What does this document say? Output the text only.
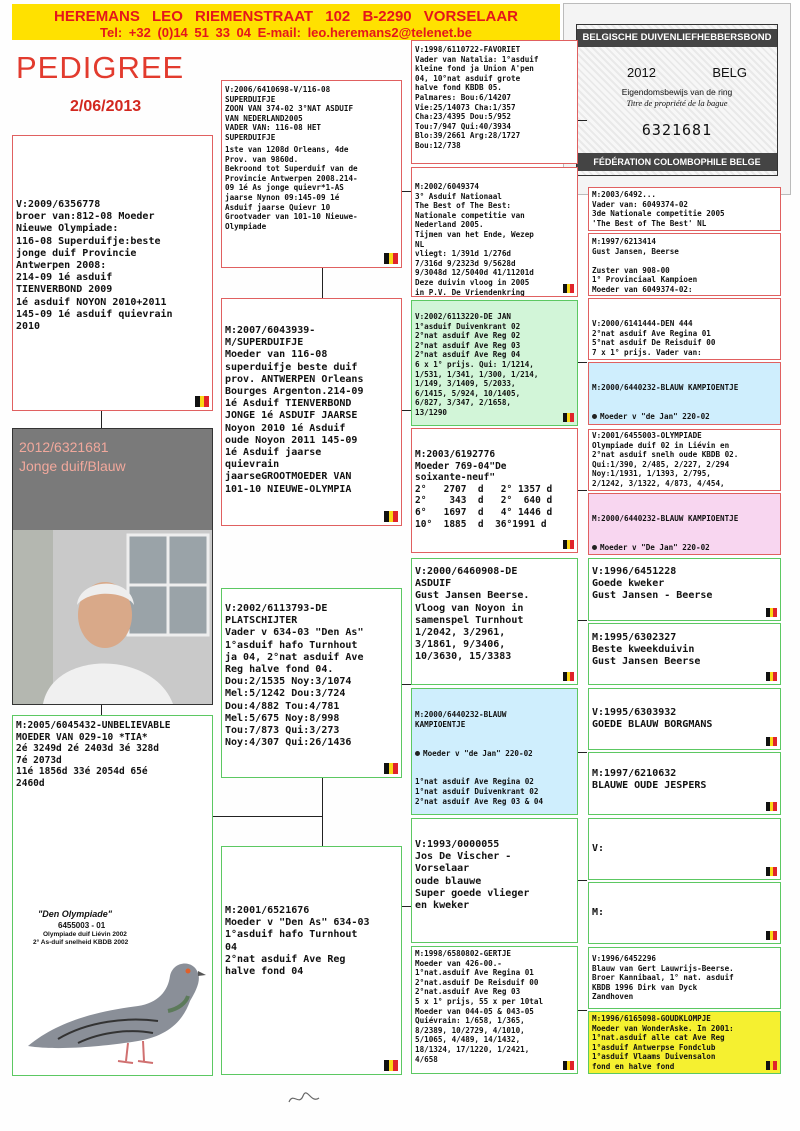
HEREMANS LEO RIEMENSTRAAT 102 B-2290 VORSELAAR
Tel: +32 (0)14 51 33 04 E-mail: leo.heremans2@telenet.be
PEDIGREE
2/06/2013
BELGISCHE DUIVENLIEFHEBBERSBOND
2012	BELG
Eigendomsbewijs van de ring
Titre de propriété de la bague
6321681
FÉDÉRATION COLOMBOPHILE BELGE
V:2009/6356778
broer van:812-08 Moeder
Nieuwe Olympiade:
116-08 Superduifje:beste
jonge duif Provincie
Antwerpen 2008:
214-09 1é asduif
TIENVERBOND 2009
1é asduif NOYON 2010+2011
145-09 1é asduif quievrain
2010
2012/6321681
Jonge duif/Blauw
M:2005/6045432-UNBELIEVABLE
MOEDER VAN 029-10 *TIA*
2é 3249d 2é 2403d 3é 328d
7é 2073d
11é 1856d 33é 2054d 65é
2460d
"Den Olympiade"
6455003 - 01
Olympiade duif Liévin 2002
2° As-duif snelheid KBDB 2002
V:2006/6410698-V/116-08
SUPERDUIFJE
ZOON VAN 374-02 3°NAT ASDUIF
VAN NEDERLAND2005
VADER VAN: 116-08 HET
SUPERDUIFJE
1ste van 1208d Orleans, 4de
Prov. van 9860d.
Bekroond tot Superduif van de
Provincie Antwerpen 2008.214-
09 1é As jonge quievr*1-AS
jaarse Nynon 09:145-09 1é
Asduif jaarse Quievr 10
Grootvader van 101-10 Nieuwe-
Olympiade
M:2007/6043939-
M/SUPERDUIFJE
Moeder van 116-08
superduifje beste duif
prov. ANTWERPEN Orleans
Bourges Argenton.214-09
1é Asduif TIENVERBOND
JONGE 1é ASDUIF JAARSE
Noyon 2010 1é Asduif
oude Noyon 2011 145-09
1é Asduif jaarse
quievrain
jaarseGROOTMOEDER VAN
101-10 NIEUWE-OLYMPIA
V:2002/6113793-DE
PLATSCHIJTER
Vader v 634-03 "Den As"
1°asduif hafo Turnhout
ja 04, 2°nat asduif Ave
Reg halve fond 04.
Dou:2/1535 Noy:3/1074
Mel:5/1242 Dou:3/724
Dou:4/882 Tou:4/781
Mel:5/675 Noy:8/998
Tou:7/873 Qui:3/273
Noy:4/307 Qui:26/1436
M:2001/6521676
Moeder v "Den As" 634-03
1°asduif hafo Turnhout
04
2°nat asduif Ave Reg
halve fond 04
V:1998/6110722-FAVORIET
Vader van Natalia: 1°asduif
kleine fond ja Union A'pen
04, 10°nat asduif grote
halve fond KBDB 05.
Palmares: Bou:6/14207
Vie:25/14073 Cha:1/357
Cha:23/4395 Dou:5/952
Tou:7/947 Qui:40/3934
Blo:39/2661 Arg:28/1727
Bou:12/738
M:2002/6049374
3° Asduif Nationaal
The Best of The Best:
Nationale competitie van
Nederland 2005.
Tijmen van het Ende, Wezep
NL
vliegt: 1/391d 1/276d
7/316d 9/2323d 9/5628d
9/3048d 12/5040d 41/11201d
Deze duivin vloog in 2005
in P.V. De Vriendenkring
V:2002/6113220-DE JAN
1°asduif Duivenkrant 02
2°nat asduif Ave Reg 02
2°nat asduif Ave Reg 03
2°nat asduif Ave Reg 04
6 x 1° prijs. Qui: 1/1214,
1/531, 1/341, 1/300, 1/214,
1/149, 3/1409, 5/2033,
6/1415, 5/924, 10/1405,
6/827, 3/347, 2/1658,
13/1290
M:2003/6192776
Moeder 769-04"De
soixante-neuf"
2°   2707  d   2° 1357 d
2°    343  d   2°  640 d
6°   1697  d   4° 1446 d
10°  1885  d  36°1991 d
V:2000/6460908-DE
ASDUIF
Gust Jansen Beerse.
Vloog van Noyon in
samenspel Turnhout
1/2042, 3/2961,
3/1861, 9/3406,
10/3630, 15/3383

M:2000/6440232-BLAUW
KAMPIOENTJE

Moeder v "de Jan" 220-02

1°nat asduif Ave Regina 02
1°nat asduif Duivenkrant 02
2°nat asduif Ave Reg 03 & 04

V:1993/0000055
Jos De Vischer -
Vorselaar
oude blauwe
Super goede vlieger
en kweker
M:1998/6580802-GERTJE
Moeder van 426-00.-
1°nat.asduif Ave Regina 01
2°nat.asduif De Reisduif 00
2°nat.asduif Ave Reg 03
5 x 1° prijs, 55 x per 10tal
Moeder van 044-05 & 043-05
Quiévrain: 1/658, 1/365,
8/2389, 10/2729, 4/1010,
5/1065, 4/489, 14/1432,
18/1324, 17/1220, 1/2421,
4/658
M:2003/6492...
Vader van: 6049374-02
3de Nationale competitie 2005
'The Best of The Best' NL
M:1997/6213414
Gust Jansen, Beerse

Zuster van 908-00
1° Provinciaal Kampioen
Moeder van 6049374-02:

V:2000/6141444-DEN 444
2°nat asduif Ave Regina 01
5°nat asduif De Reisduif 00
7 x 1° prijs. Vader van:

M:2000/6440232-BLAUW KAMPIOENTJE

Moeder v "de Jan" 220-02

V:2001/6455003-OLYMPIADE
Olympiade duif 02 in Liévin en
2°nat asduif snelh oude KBDB 02.
Qui:1/390, 2/485, 2/227, 2/294
Noy:1/1931, 1/1393, 2/795,
2/1242, 3/1322, 4/873, 4/454,

M:2000/6440232-BLAUW KAMPIOENTJE

Moeder v "De Jan" 220-02

V:1996/6451228
Goede kweker
Gust Jansen - Beerse
M:1995/6302327
Beste kweekduivin
Gust Jansen Beerse
V:1995/6303932
GOEDE BLAUW BORGMANS
M:1997/6210632
BLAUWE OUDE JESPERS
V:
M:
V:1996/6452296
Blauw van Gert Lauwrijs-Beerse.
Broer Kannibaal, 1° nat. asduif
KBDB 1996 Dirk van Dyck
Zandhoven
M:1996/6165098-GOUDKLOMPJE
Moeder van WonderAske. In 2001:
1°nat.asduif alle cat Ave Reg
1°asduif Antwerpse Fondclub
1°asduif Vlaams Duivensalon
fond en halve fond
